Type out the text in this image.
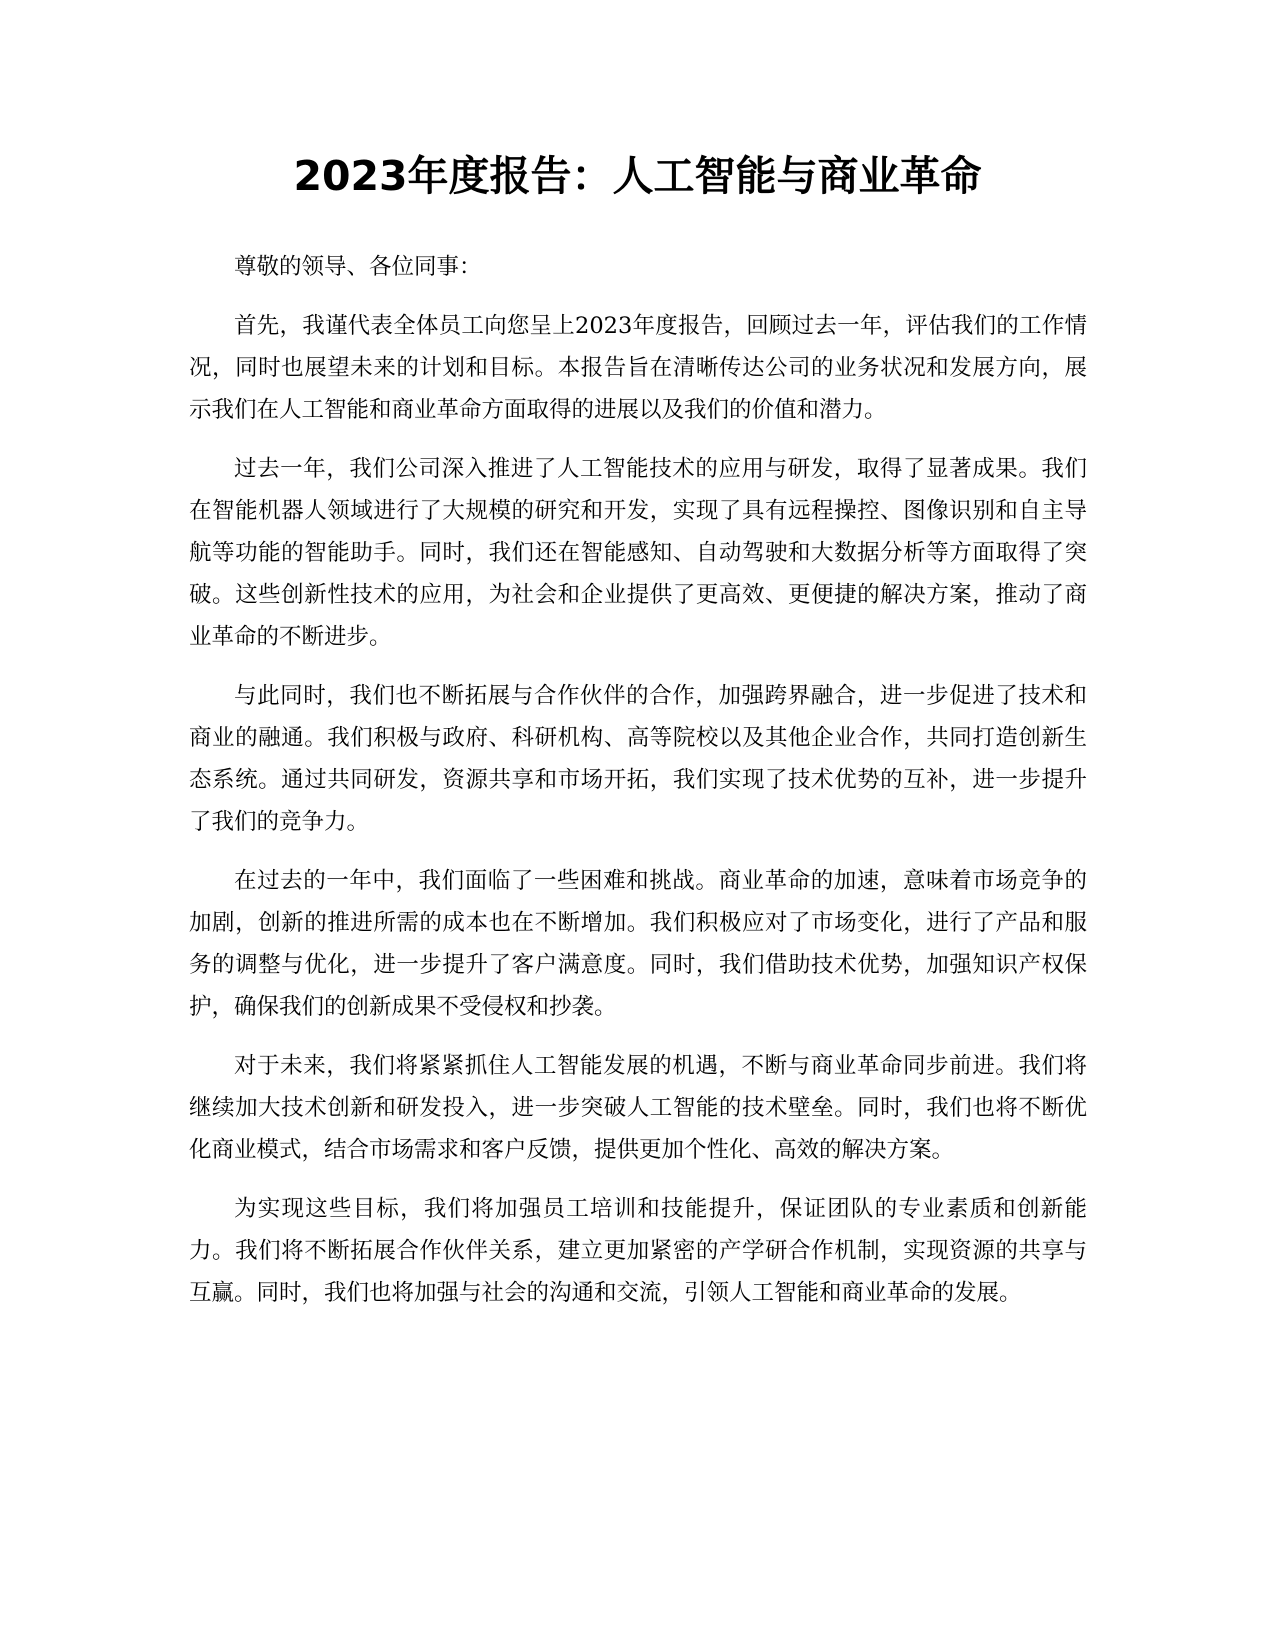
2023年度报告：人工智能与商业革命

尊敬的领导、各位同事：

首先，我谨代表全体员工向您呈上2023年度报告，回顾过去一年，评估我们的工作情况，同时也展望未来的计划和目标。本报告旨在清晰传达公司的业务状况和发展方向，展示我们在人工智能和商业革命方面取得的进展以及我们的价值和潜力。

过去一年，我们公司深入推进了人工智能技术的应用与研发，取得了显著成果。我们在智能机器人领域进行了大规模的研究和开发，实现了具有远程操控、图像识别和自主导航等功能的智能助手。同时，我们还在智能感知、自动驾驶和大数据分析等方面取得了突破。这些创新性技术的应用，为社会和企业提供了更高效、更便捷的解决方案，推动了商业革命的不断进步。

与此同时，我们也不断拓展与合作伙伴的合作，加强跨界融合，进一步促进了技术和商业的融通。我们积极与政府、科研机构、高等院校以及其他企业合作，共同打造创新生态系统。通过共同研发，资源共享和市场开拓，我们实现了技术优势的互补，进一步提升了我们的竞争力。

在过去的一年中，我们面临了一些困难和挑战。商业革命的加速，意味着市场竞争的加剧，创新的推进所需的成本也在不断增加。我们积极应对了市场变化，进行了产品和服务的调整与优化，进一步提升了客户满意度。同时，我们借助技术优势，加强知识产权保护，确保我们的创新成果不受侵权和抄袭。

对于未来，我们将紧紧抓住人工智能发展的机遇，不断与商业革命同步前进。我们将继续加大技术创新和研发投入，进一步突破人工智能的技术壁垒。同时，我们也将不断优化商业模式，结合市场需求和客户反馈，提供更加个性化、高效的解决方案。

为实现这些目标，我们将加强员工培训和技能提升，保证团队的专业素质和创新能力。我们将不断拓展合作伙伴关系，建立更加紧密的产学研合作机制，实现资源的共享与互赢。同时，我们也将加强与社会的沟通和交流，引领人工智能和商业革命的发展。
